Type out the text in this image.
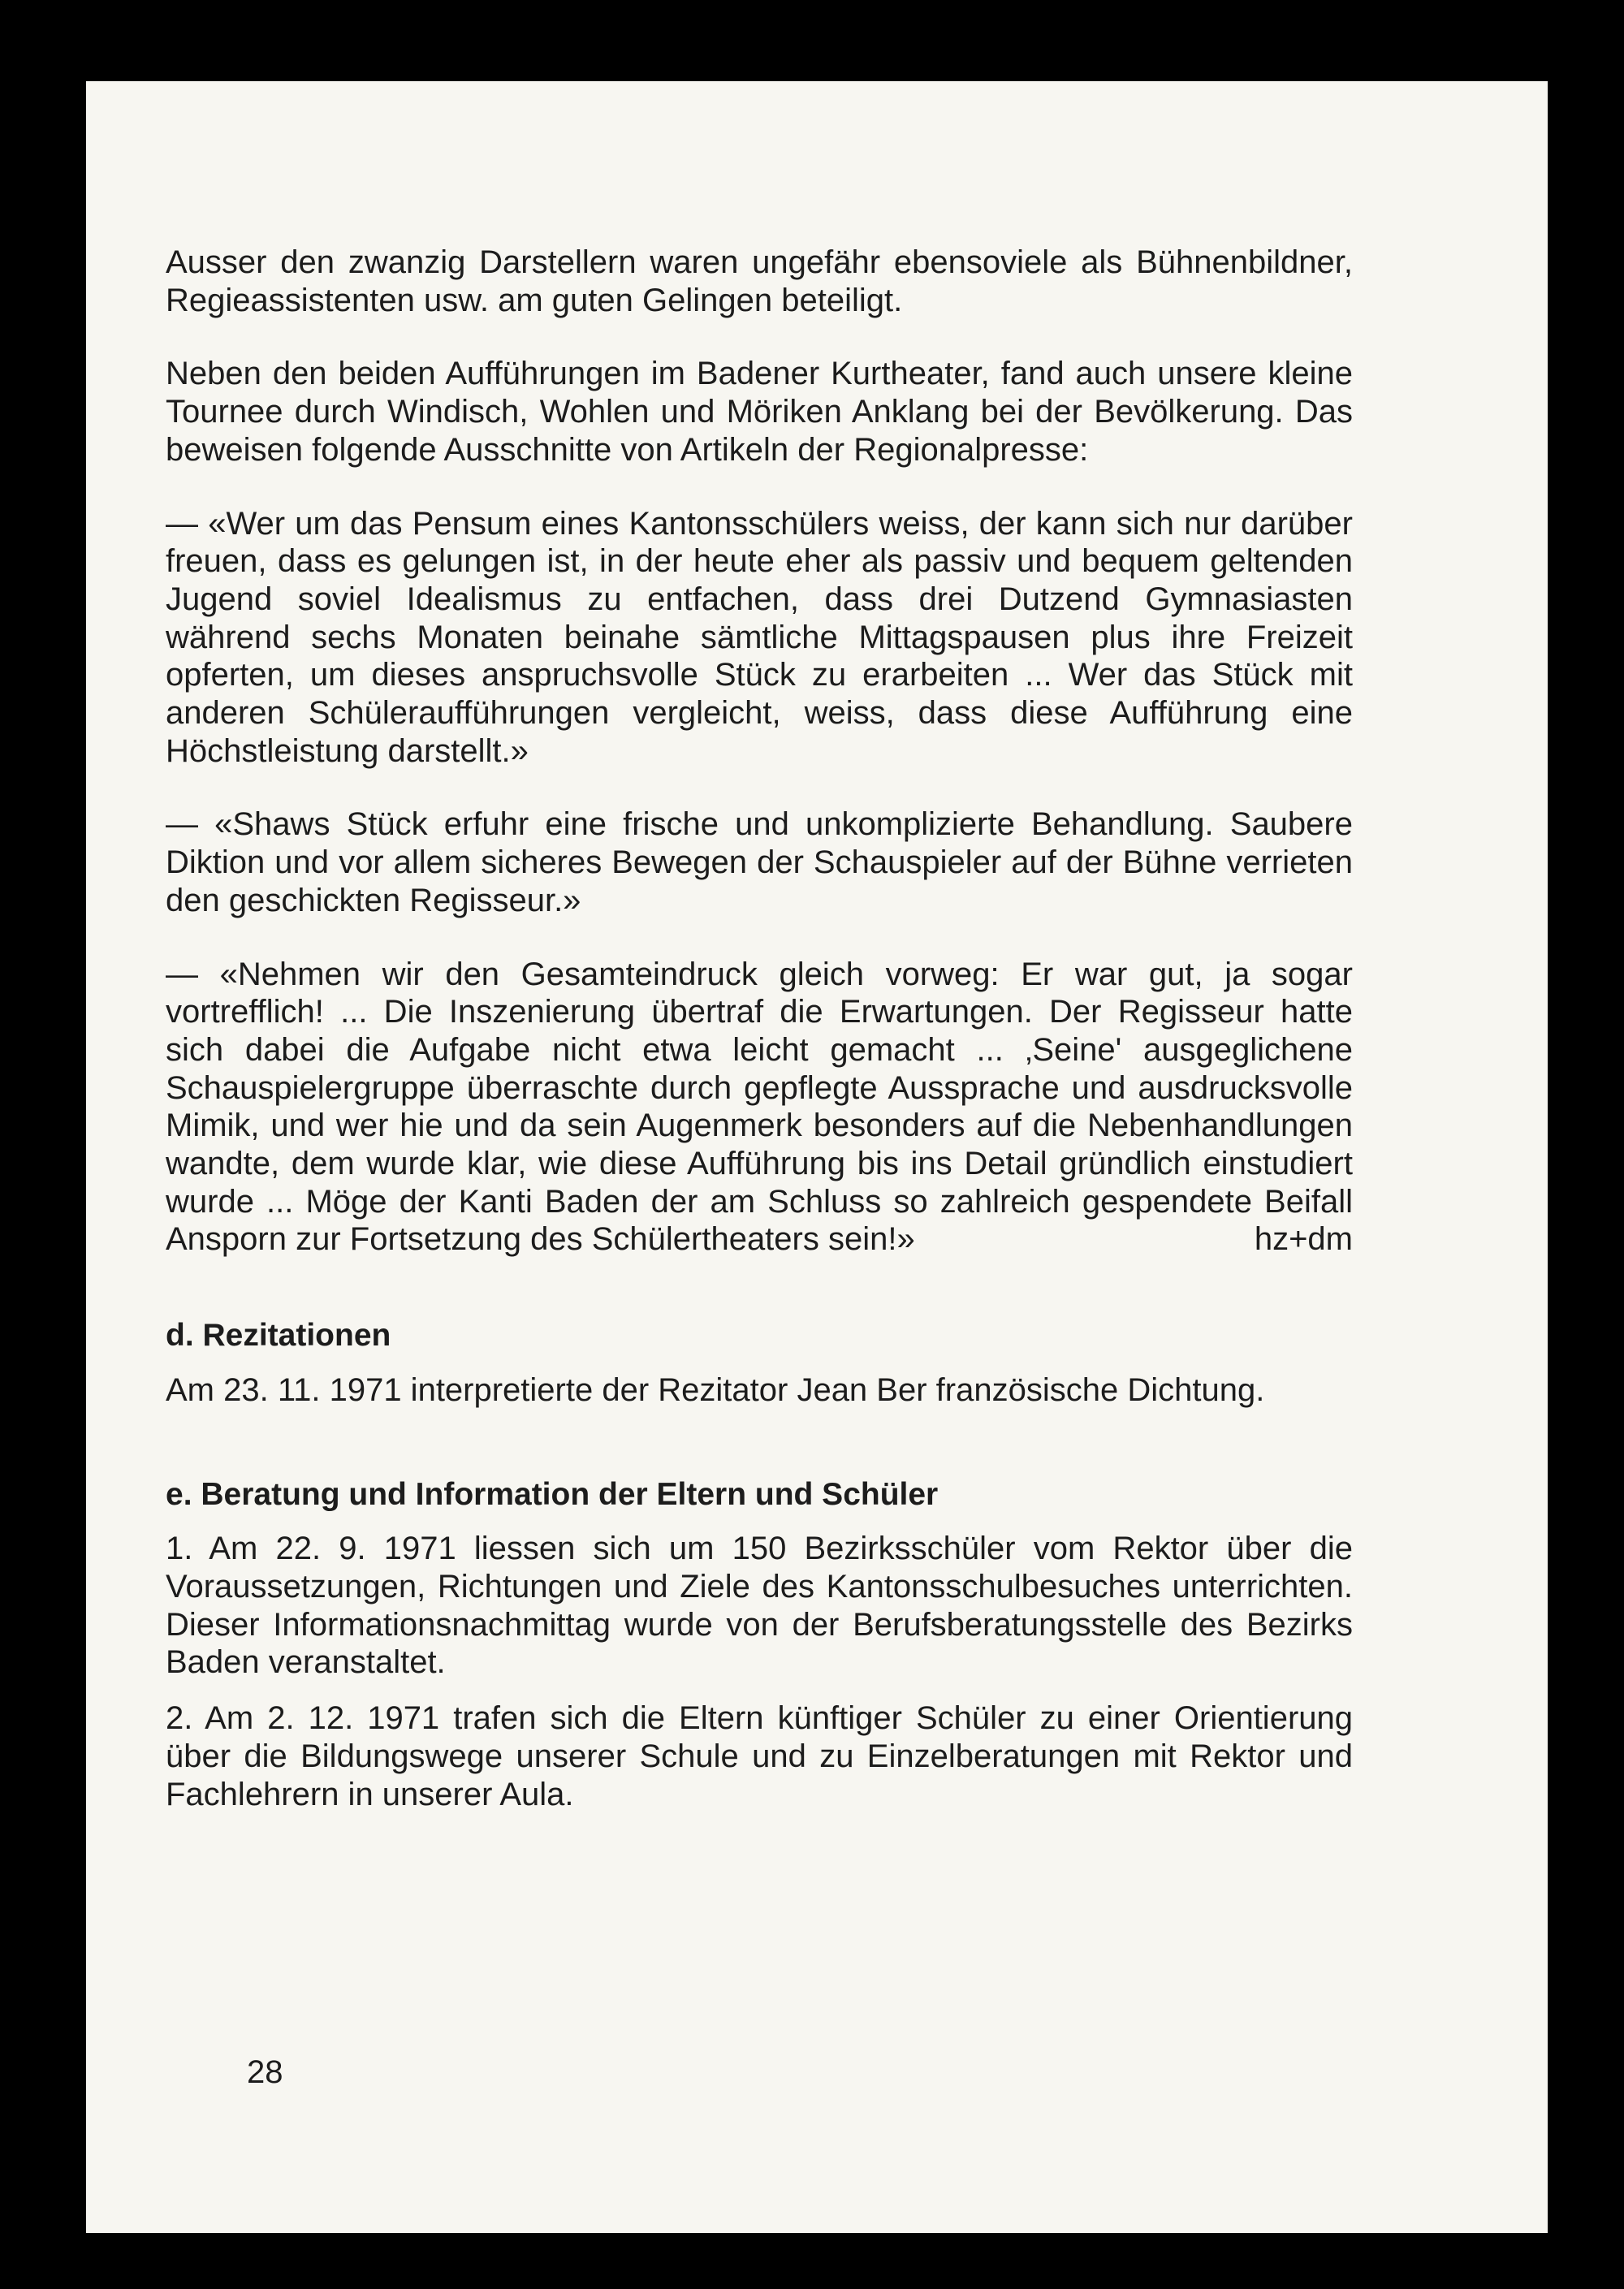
Ausser den zwanzig Darstellern waren ungefähr ebensoviele als Bühnenbildner, Regieassistenten usw. am guten Gelingen beteiligt.

Neben den beiden Aufführungen im Badener Kurtheater, fand auch unsere kleine Tournee durch Windisch, Wohlen und Möriken Anklang bei der Bevölkerung. Das beweisen folgende Ausschnitte von Artikeln der Regionalpresse:

— «Wer um das Pensum eines Kantonsschülers weiss, der kann sich nur darüber freuen, dass es gelungen ist, in der heute eher als passiv und bequem geltenden Jugend soviel Idealismus zu entfachen, dass drei Dutzend Gymnasiasten während sechs Monaten beinahe sämtliche Mittagspausen plus ihre Freizeit opferten, um dieses anspruchsvolle Stück zu erarbeiten ... Wer das Stück mit anderen Schüleraufführungen vergleicht, weiss, dass diese Aufführung eine Höchstleistung darstellt.»

— «Shaws Stück erfuhr eine frische und unkomplizierte Behandlung. Saubere Diktion und vor allem sicheres Bewegen der Schauspieler auf der Bühne verrieten den geschickten Regisseur.»

— «Nehmen wir den Gesamteindruck gleich vorweg: Er war gut, ja sogar vortrefflich! ... Die Inszenierung übertraf die Erwartungen. Der Regisseur hatte sich dabei die Aufgabe nicht etwa leicht gemacht ... ‚Seine' ausgeglichene Schauspielergruppe überraschte durch gepflegte Aussprache und ausdrucksvolle Mimik, und wer hie und da sein Augenmerk besonders auf die Nebenhandlungen wandte, dem wurde klar, wie diese Aufführung bis ins Detail gründlich einstudiert wurde ... Möge der Kanti Baden der am Schluss so zahlreich gespendete Beifall Ansporn zur Fortsetzung des Schülertheaters sein!»	hz+dm

d. Rezitationen

Am 23. 11. 1971 interpretierte der Rezitator Jean Ber französische Dichtung.

e. Beratung und Information der Eltern und Schüler

1. Am 22. 9. 1971 liessen sich um 150 Bezirksschüler vom Rektor über die Voraussetzungen, Richtungen und Ziele des Kantonsschulbesuches unterrichten. Dieser Informationsnachmittag wurde von der Berufsberatungsstelle des Bezirks Baden veranstaltet.

2. Am 2. 12. 1971 trafen sich die Eltern künftiger Schüler zu einer Orientierung über die Bildungswege unserer Schule und zu Einzelberatungen mit Rektor und Fachlehrern in unserer Aula.

28
